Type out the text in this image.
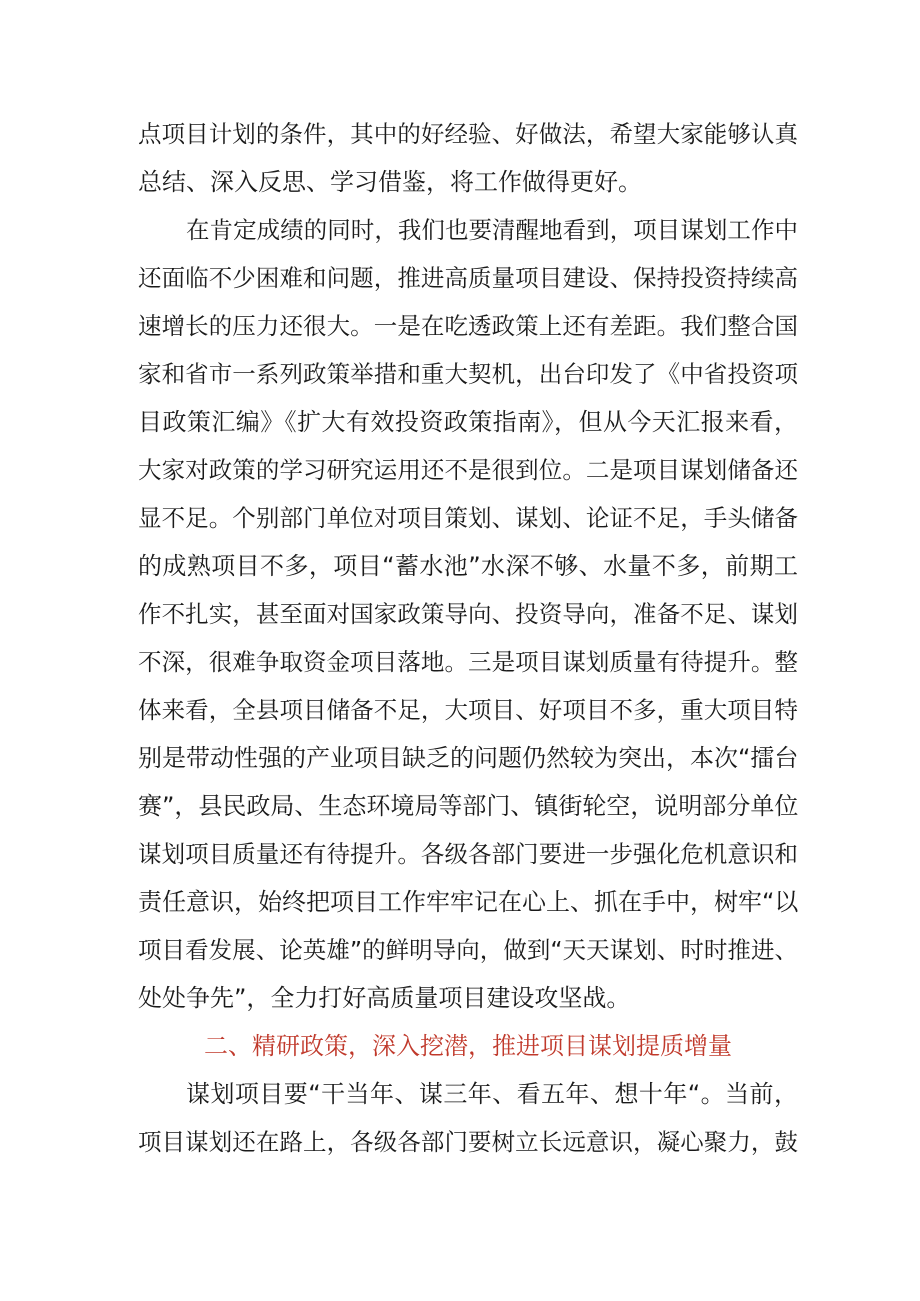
点项目计划的条件，其中的好经验、好做法，希望大家能够认真
总结、深入反思、学习借鉴，将工作做得更好。
在肯定成绩的同时，我们也要清醒地看到，项目谋划工作中
还面临不少困难和问题，推进高质量项目建设、保持投资持续高
速增长的压力还很大。一是在吃透政策上还有差距。我们整合国
家和省市一系列政策举措和重大契机，出台印发了《中省投资项
目政策汇编》《扩大有效投资政策指南》，但从今天汇报来看，
大家对政策的学习研究运用还不是很到位。二是项目谋划储备还
显不足。个别部门单位对项目策划、谋划、论证不足，手头储备
的成熟项目不多，项目“蓄水池”水深不够、水量不多，前期工
作不扎实，甚至面对国家政策导向、投资导向，准备不足、谋划
不深，很难争取资金项目落地。三是项目谋划质量有待提升。整
体来看，全县项目储备不足，大项目、好项目不多，重大项目特
别是带动性强的产业项目缺乏的问题仍然较为突出，本次“擂台
赛”，县民政局、生态环境局等部门、镇街轮空，说明部分单位
谋划项目质量还有待提升。各级各部门要进一步强化危机意识和
责任意识，始终把项目工作牢牢记在心上、抓在手中，树牢“以
项目看发展、论英雄”的鲜明导向，做到“天天谋划、时时推进、
处处争先”，全力打好高质量项目建设攻坚战。
二、精研政策，深入挖潜，推进项目谋划提质增量
谋划项目要“干当年、谋三年、看五年、想十年“。当前，
项目谋划还在路上，各级各部门要树立长远意识，凝心聚力，鼓
